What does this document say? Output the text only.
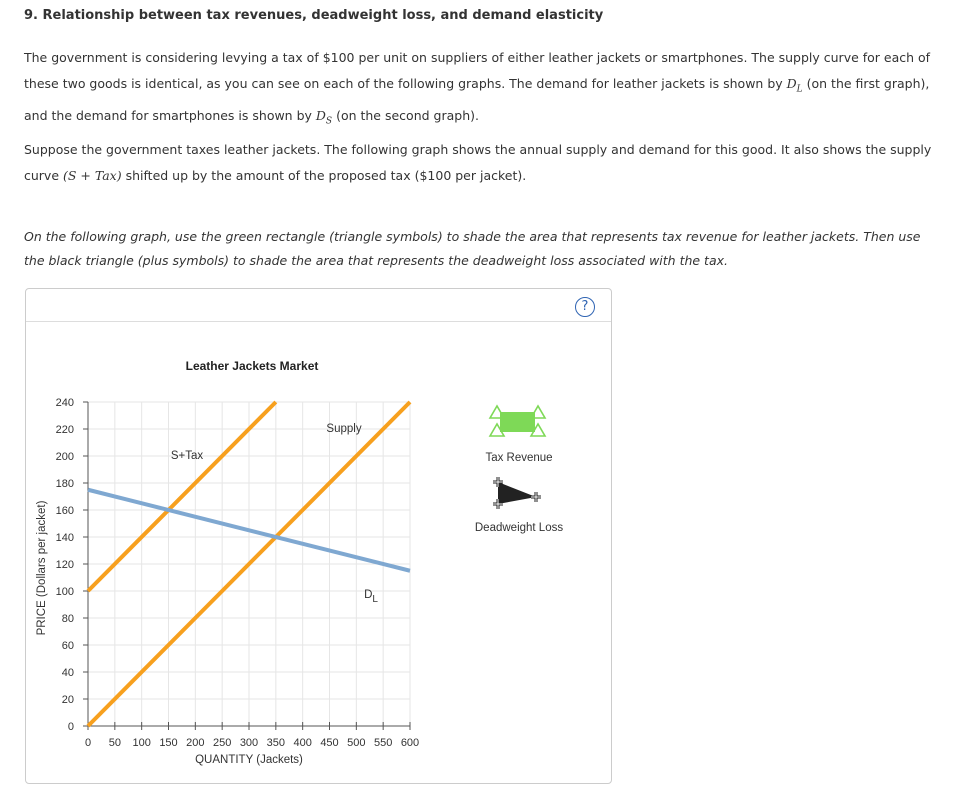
9. Relationship between tax revenues, deadweight loss, and demand elasticity
The government is considering levying a tax of $100 per unit on suppliers of either leather jackets or smartphones. The supply curve for each of these two goods is identical, as you can see on each of the following graphs. The demand for leather jackets is shown by $D_L$ (on the first graph), and the demand for smartphones is shown by $D_S$ (on the second graph).
Suppose the government taxes leather jackets. The following graph shows the annual supply and demand for this good. It also shows the supply curve (S + Tax) shifted up by the amount of the proposed tax ($100 per jacket).
On the following graph, use the green rectangle (triangle symbols) to shade the area that represents tax revenue for leather jackets. Then use the black triangle (plus symbols) to shade the area that represents the deadweight loss associated with the tax.
?
Leather Jackets Market
0
20
40
60
80
100
120
140
160
180
200
220
240
0 50 100 150 200 250 300 350 400 450 500 550 600
Supply
S+Tax
DL
PRICE (Dollars per jacket)
QUANTITY (Jackets)
Tax Revenue
Deadweight Loss
